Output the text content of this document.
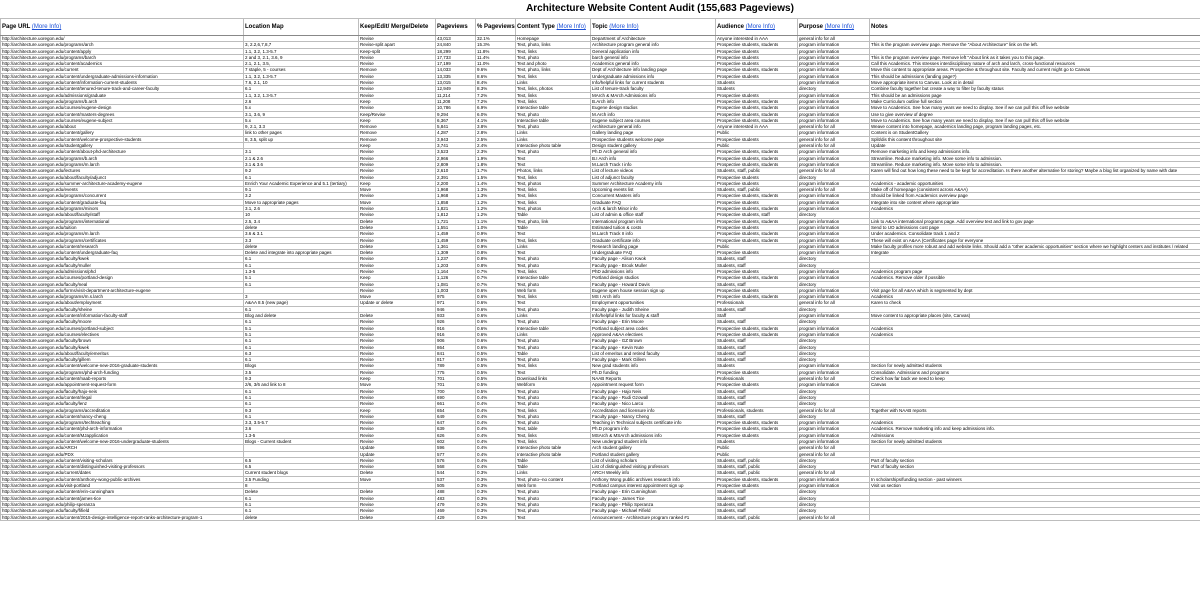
Architecture Website Content Audit (155,683 Pageviews)
Page URL (More Info)	Location Map	Keep/Edit/ Merge/Delete	Pageviews	% Pageviews	Content Type (More Info)	Topic (More Info)	Audience (More Info)	Purpose (More Info)	Notes
http://architecture.uoregon.edu/		Revise	43,013	32.1%	Homepage	Department of Architecture	Anyone interested in AAA	general info for all	
http://architecture.uoregon.edu/programs/arch	3, 2.2,6,7,8,7	Revise-split apart	24,840	15.3%	Text, photo, links	Architecture program general info	Prospective students, students	program information	This is the program overview page. Remove the "About Architecture" link on the left.
http://architecture.uoregon.edu/content/apply	1.1, 3.2, 1.3-5.7	Keep-split	18,299	11.8%	Text, links	General application info	Prospective students	program information	
http://architecture.uoregon.edu/programs/barch	2 and 3, 2.1, 3.6, 9	Revise	17,733	11.4%	Text, photo	barch general info	Prospective students	program information	This is the program overview page. Remove left "About link as it takes you to this page.
http://architecture.uoregon.edu/content/academics	2.1, 2.1, 3.5,	Revise	17,199	11.0%	Text and photo	Academics general info	Prospective students	program information	Call this Academics. This stresses interdisciplinary nature of arch and larch, cross-functional resources
http://architecture.uoregon.edu/current	7 staple, 5 - courses	Remove	14,033	9.6%	Text, photo, links	Dept of Architecture info landing page	Prospective students, students	program information	Move this content to appropriate areas. Prospective & throughout site. Faculty and current might go to Canvas
http://architecture.uoregon.edu/content/undergraduate-admissions-information	1.1, 3.2, 1.3-5.7	Revise	13,335	8.6%	Text, links	Undergraduate admissions info	Prospective students	program information	This should be admissions (landing page?)
http://architecture.uoregon.edu/content/information-current-students	7.6, 2.1, 10	Revise	13,015	8.4%	Links	Info/helpful links for current students	Students	program information	Move appropriate items to Canvas. Look at in detail
http://architecture.uoregon.edu/content/tenured-tenure-track-and-career-faculty	6.1	Revise	12,949	8.3%	Text, links, photos	List of tenure-track faculty	Students	directory	Combine faculty together but create a way to filter by faculty status
http://architecture.uoregon.edu/admissions/graduate	1.1, 3.2, 1.3-5.7	Revise	11,214	7.2%	Text, links	MArch & MArch Admissions info	Prospective students	program information	This should be an admissions page
http://architecture.uoregon.edu/programs/b.arch	2.6	Keep	11,208	7.2%	Text, links	B.Arch info	Prospective students, students	program information	Make Curriculum outline full section
http://architecture.uoregon.edu/courses/eugene-design	5.x	Revise	10,786	6.9%	Interactive table	Eugene design studios	Prospective students, students	program information	Move to Academics. See how many years we need to display. See if we can pull this off live website
http://architecture.uoregon.edu/content/masters-degrees	3.1, 3.6, 9	Keep/Revise	9,294	6.0%	Text, photo	M.Arch info	Prospective students, students	program information	Use to give overview of degree
http://architecture.uoregon.edu/courses/eugene-subject	5.x	Keep	6,367	4.1%	Interactive table	Eugene subject area courses	Prospective students, students	program information	Move to Academics. See how many years we need to display. See if we can pull this off live website
http://architecture.uoregon.edu/about	9, 2.1, 3.3	Remove	5,841	3.8%	Text, photo	Architecture general info	Anyone interested in AAA	general info for all	Weave content into homepage, academics landing page, program landing pages, etc.
http://architecture.uoregon.edu/content/gallery	link to other pages	Remove	4,287	2.8%	Links	Gallery landing page	Public	program information	Content is on StudentGallery
http://architecture.uoregon.edu/content/welcome-prospective-students	8, 3.5, split up	Remove	3,943	2.5%	Links	Prospective students welcome page	Prospective students	general info for all	Split/dis this content throughout site
http://architecture.uoregon.edu/studentgallery		Keep	3,741	2.4%	Interactive photo table	Design student gallery	Public	general info for all	Update
http://architecture.uoregon.edu/content/about-phd-architecture	3.1	Revise	3,523	2.3%	Text, photo	Ph.D Arch general info	Prospective students, students	program information	Remove marketing info and keep admissions info.
http://architecture.uoregon.edu/programs/b.arch	2.1 & 2.6	Revise	2,966	1.9%	Text	B.I Arch info	Prospective students, students	program information	Streamline. Reduce marketing info. Move some info to admission.
http://architecture.uoregon.edu/programs/m.larch	3.1 & 3.6	Revise	2,809	1.8%	Text	M.Larch Track I info	Prospective students, students	program information	Streamline. Reduce marketing info. Move some info to admission.
http://architecture.uoregon.edu/lectures	9.2	Revise	2,610	1.7%	Photos, links	List of lecture videos	Students, staff, public	general info for all	Karen will find out how long these need to be kept for accreditation. Is there another alternative for storing? Maybe a blog list organized by name with date
http://architecture.uoregon.edu/about/faculty/adjunct	6.1	Revise	2,391	1.5%	Text, links	List of adjunct faculty	Prospective students	directory	
http://architecture.uoregon.edu/summer-architecture-academy-eugene	Enrich Your Academic Experience and 5.1 (tertiary)	Keep	2,200	1.4%	Text, photos	Summer Architecture Academy info	Prospective students	program information	Academics - academic opportunities
http://architecture.uoregon.edu/events	9.1	Move	1,968	1.3%	Text, links	Upcoming events list	Students, staff, public	general info for all	Make off of homepage (consistent across A&AA)
http://architecture.uoregon.edu/programs/concurrent	3.2	Revise	1,968	1.3%	Text, links	Concurrent Masters info	Prospective students, students	program information	Should be linked from Academics overview page
http://architecture.uoregon.edu/content/graduate-faq	Move to appropriate pages	Move	1,858	1.2%	Text, links	Graduate FAQ	Prospective students	program information	Integrate into site content where appropriate
http://architecture.uoregon.edu/programs/minors	3.1, 2.6	Revise	1,821	1.2%	Text, photos	Arch & larch Minor info	Prospective students, students	program information	Academics
http://architecture.uoregon.edu/about/faculty/staff	10	Revise	1,812	1.2%	Table	List of admin & office staff	Prospective students, staff	directory	
http://architecture.uoregon.edu/programs/international	2.5, 3.4	Delete	1,721	1.1%	Text, photo, link	International program info	Prospective students, students	program information	Link to A&AA international programs page. Add overview text and link to gov page
http://architecture.uoregon.edu/tuition	delete	Delete	1,551	1.0%	Table	Estimated tuition & costs	Prospective students	program information	Send to UO admissions cost page
http://architecture.uoregon.edu/programs/m.larch	3.6 & 3.1	Revise	1,459	0.9%	Text	M.Larch Track II info	Prospective students, students	program information	Under academics. Consolidate track 1 and 2
http://architecture.uoregon.edu/programs/certificates	3.3	Revise	1,459	0.9%	Text, links	Graduate certificate info	Prospective students, students	program information	These will exist on A&AA (Certificates page for everyone
http://architecture.uoregon.edu/content/research	delete	Delete	1,361	0.9%	Links	Research landing page	Public	program information	Make faculty profiles more robust and add website links. Should add a "other academic opportunities" section where we highlight centers and institutes / related
http://architecture.uoregon.edu/content/undergraduate-faq	Delete and integrate into appropriate pages	Delete	1,309	0.8%	Text	Undergraduate FAQ	Prospective students	program information	Integrate
http://architecture.uoregon.edu/faculty/kwek	6.1	Revise	1,237	0.8%	Text, photo	Faculty page - Alison Kwok	Students, staff	directory	
http://architecture.uoregon.edu/faculty/muller	6.1	Revise	1,203	0.8%	Text, photo	Faculty page - Brook Muller	Students, staff	directory	
http://architecture.uoregon.edu/admissions/phd	1.3-5	Revise	1,164	0.7%	Text, links	PhD admissions info	Prospective students	program information	Academics program page
http://architecture.uoregon.edu/courses/portland-design	5.1	Keep	1,126	0.7%	Interactive table	Portland design studios	Prospective students, students	program information	Academics. Remove older if possible
http://architecture.uoregon.edu/faculty/neal	6.1	Revise	1,081	0.7%	Text, photo	Faculty page - Howard Davis	Students, staff	directory	
http://architecture.uoregon.edu/forms/visit-department-architecture-eugene		Revise	1,003	0.6%	Web form	Eugene open house session sign up	Prospective students	program information	Visit page for all A&AA which is segmented by dept
http://architecture.uoregon.edu/programs/m.s.larch	3	Move	975	0.6%	Text, links	MS I Arch info	Prospective students, students	program information	Academics
http://architecture.uoregon.edu/about/employment	A&AA 8.5 (new page)	Update or delete	971	0.6%	Text	Employment opportunities	Professionals	general info for all	Karen to check
http://architecture.uoregon.edu/faculty/sheine	6.1		946	0.6%	Text, photo	Faculty page - Judith Sheine	Students, staff	directory	
http://architecture.uoregon.edu/content/information-faculty-staff	Blog and delete	Delete	933	0.6%	Links	Info/helpful links for faculty & staff	Staff	program information	Move content to appropriate places (site, Canvas)
http://architecture.uoregon.edu/faculty/moore	6.1	Revise	926	0.6%	Text, photo	Faculty page - Erin Moore	Students, staff	directory	
http://architecture.uoregon.edu/courses/portland-subject	5.1	Revise	916	0.6%	Interactive table	Portland subject area codes	Prospective students, students	program information	Academics
http://architecture.uoregon.edu/courses/electives	5.1	Revise	916	0.6%	Links	Approved A&AA electives	Prospective students, students	program information	Academics
http://architecture.uoregon.edu/faculty/brown	6.1	Revise	906	0.6%	Text, photo	Faculty page - GZ Brown	Students, staff	directory	
http://architecture.uoregon.edu/faculty/kwek	6.1	Revise	864	0.6%	Text, photo	Faculty page - Kevin Nute	Students, staff	directory	
http://architecture.uoregon.edu/about/faculty/emeritus	6.3	Revise	841	0.5%	Table	List of emeritus and retired faculty	Students, staff	directory	
http://architecture.uoregon.edu/faculty/gillem	6.1	Revise	817	0.5%	Text, photo	Faculty page - Mark Gillem	Students, staff	directory	
http://architecture.uoregon.edu/content/welcome-new-2016-graduate-students	Blogs	Revise	789	0.5%	Text, links	New grad students info	Students	program information	Section for newly admitted students
http://architecture.uoregon.edu/programs/phd-arch-funding	3.5	Revise	775	0.5%	Text	Ph.D funding	Prospective students	program information	Consolidate. Admissions and programs
http://architecture.uoregon.edu/content/naab-reports	9.3	Keep	701	0.5%	Download links	NAAB Reports	Professionals	general info for all	Check how far back we need to keep
http://architecture.uoregon.edu/appointment-request-form	2/6, 3/6 and link to 8	Move	701	0.5%	Webform	Appointment request form	Prospective students	program information	Canvas
http://architecture.uoregon.edu/faculty/hajo-neis	6.1	Revise	700	0.5%	Text, photo	Faculty page - Hajo Neis	Students, staff	directory	
http://architecture.uoregon.edu/content/rlegal	6.1	Revise	690	0.4%	Text, photo	Faculty page - Rudi Gzowall	Students, staff	directory	
http://architecture.uoregon.edu/faculty/lenz	6.1	Revise	661	0.4%	Text, photo	Faculty page - Nico Larco	Students, staff	directory	
http://architecture.uoregon.edu/programs/accreditation	9.3	Keep	654	0.4%	Text, links	Accreditation and licensure info	Professionals, students	general info for all	Together with NAAB reports
http://architecture.uoregon.edu/content/nancy-cheng	6.1	Revise	649	0.4%	Text, photo	Faculty page - Nancy Cheng	Students, staff	directory	
http://architecture.uoregon.edu/programs/techteaching	3.3, 3.5-5.7	Revise	647	0.4%	Text, photo	Teaching in Technical subjects certificate info	Prospective students, students	program information	Academics
http://architecture.uoregon.edu/content/phd-arch-information	3.6	Revise	639	0.4%	Text, table	Ph.D program info	Prospective students, students	program information	Academics. Remove marketing info and keep admissions info.
http://architecture.uoregon.edu/content/MJapplication	1.3-5	Revise	626	0.4%	Text, links	MSArch & MSArch admissions info	Prospective students	program information	Admissions
http://architecture.uoregon.edu/content/welcome-new-2016-undergraduate-students	Blogs - Current student	Revise	602	0.4%	Text, links	New undergrad student info	Students	program information	Section for newly admitted students
http://architecture.uoregon.edu/ARCH		Update	596	0.4%	Interactive photo table	Arch student gallery	Public	general info for all	
http://architecture.uoregon.edu/PDX		Update	577	0.4%	Interactive photo table	Portland student gallery	Public	general info for all	
http://architecture.uoregon.edu/content/visiting-scholars	6.5	Revise	576	0.4%	Table	List of visiting scholars	Students, staff, public	directory	Part of faculty section
http://architecture.uoregon.edu/content/distinguished-visiting-professors	6.5	Revise	568	0.4%	Table	List of distinguished visiting professors	Students, staff, public	directory	Part of faculty section
http://architecture.uoregon.edu/current/dates	Current student blogs	Delete	544	0.3%	Links	ARCH Weekly info	Students, staff, public	general info for all	
http://architecture.uoregon.edu/content/anthony-wong-public-archives	3.5 Funding	Move	537	0.3%	Text, photo--no content	Anthony Wong public archives research info	Prospective students, students	program information	In scholarships/funding section - past winners
http://architecture.uoregon.edu/visit-portland	8		505	0.3%	Web form	Portland campus interest appointment sign up	Prospective students	program information	Visit us section
http://architecture.uoregon.edu/content/erin-cunningham	Delete	Delete	488	0.3%	Text, photo	Faculty page - Erin Cunningham	Students, staff	directory	
http://architecture.uoregon.edu/content/james-tice	6.1	Revise	483	0.3%	Text, photo	Faculty page - James Tice	Students, staff	directory	
http://architecture.uoregon.edu/philip-speranza	6.1	Revise	479	0.3%	Text, photo	Faculty page - Philip Speranza	Students, staff	directory	
http://architecture.uoregon.edu/faculty/fifield	6.1	Revise	469	0.3%	Text, photo	Faculty page - Michael Fifield	Students, staff	directory	
http://architecture.uoregon.edu/content/2015-design-intelligence-report-ranks-architecture-program-1	delete	Delete	429	0.3%	Text	Announcement - Architecture program ranked #1	Students, staff, public	general info for all	
